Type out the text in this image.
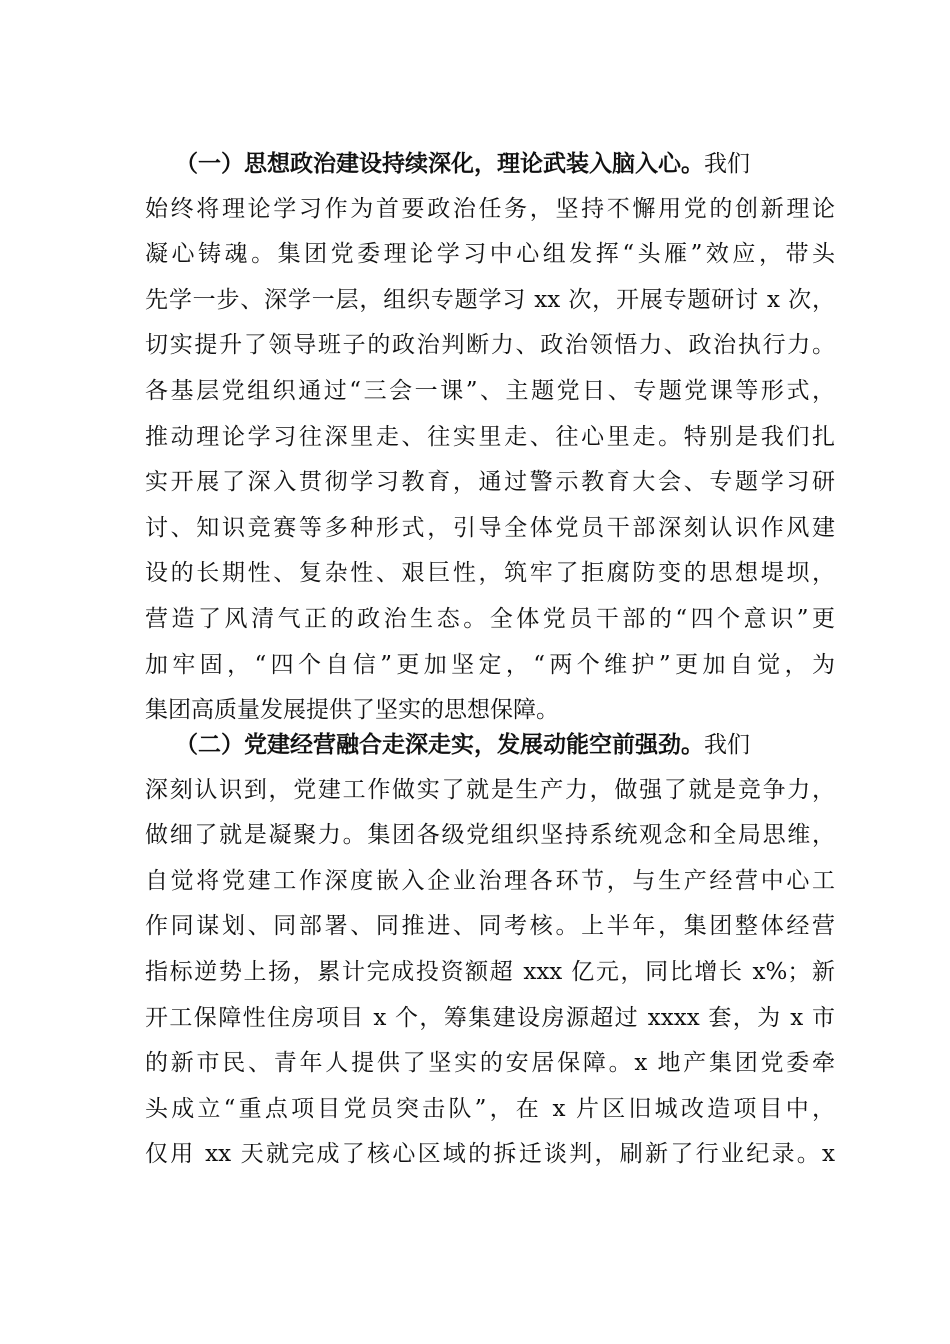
（一）思想政治建设持续深化，理论武装入脑入心。我们
始终将理论学习作为首要政治任务，坚持不懈用党的创新理论
凝心铸魂。集团党委理论学习中心组发挥“头雁”效应，带头
先学一步、深学一层，组织专题学习 xx 次，开展专题研讨 x 次，
切实提升了领导班子的政治判断力、政治领悟力、政治执行力。
各基层党组织通过“三会一课”、主题党日、专题党课等形式，
推动理论学习往深里走、往实里走、往心里走。特别是我们扎
实开展了深入贯彻学习教育，通过警示教育大会、专题学习研
讨、知识竞赛等多种形式，引导全体党员干部深刻认识作风建
设的长期性、复杂性、艰巨性，筑牢了拒腐防变的思想堤坝，
营造了风清气正的政治生态。全体党员干部的“四个意识”更
加牢固，“四个自信”更加坚定，“两个维护”更加自觉，为
集团高质量发展提供了坚实的思想保障。
（二）党建经营融合走深走实，发展动能空前强劲。我们
深刻认识到，党建工作做实了就是生产力，做强了就是竞争力，
做细了就是凝聚力。集团各级党组织坚持系统观念和全局思维，
自觉将党建工作深度嵌入企业治理各环节，与生产经营中心工
作同谋划、同部署、同推进、同考核。上半年，集团整体经营
指标逆势上扬，累计完成投资额超 xxx 亿元，同比增长 x%；新
开工保障性住房项目 x 个，筹集建设房源超过 xxxx 套，为 x 市
的新市民、青年人提供了坚实的安居保障。x 地产集团党委牵
头成立“重点项目党员突击队”，在 x 片区旧城改造项目中，
仅用 xx 天就完成了核心区域的拆迁谈判，刷新了行业纪录。x
